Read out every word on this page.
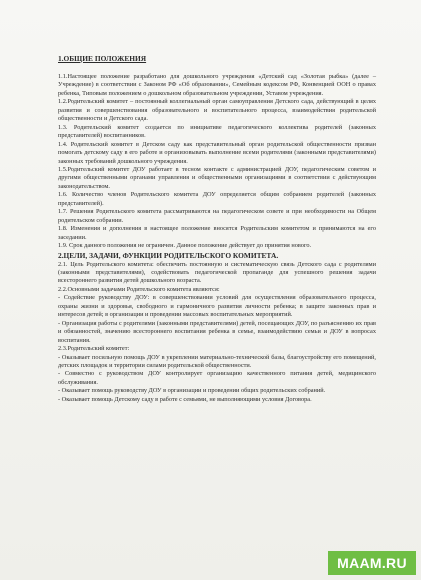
1.ОБЩИЕ ПОЛОЖЕНИЯ

1.1.Настоящее положение разработано для дошкольного учреждения «Детский сад «Золотая рыбка» (далее – Учреждение) в соответствии с Законом РФ «Об образовании», Семейным кодексом РФ, Конвенцией ООН о правах ребенка, Типовым положением о дошкольном образовательном учреждении, Уставом учреждения.

1.2.Родительский комитет – постоянный коллегиальный орган самоуправления Детского сада, действующий в целях развития и совершенствования образовательного и воспитательного процесса, взаимодействия родительской общественности и Детского сада.

1.3. Родительский комитет создается по инициативе педагогического коллектива родителей (законных представителей) воспитанников.

1.4. Родительский комитет в Детском саду как представительный орган родительской общественности призван помогать детскому саду в его работе и организовывать выполнение всеми родителями (законными представителями) законных требований дошкольного учреждения.

1.5.Родительский комитет ДОУ работает в тесном контакте с администрацией ДОУ, педагогическим советом и другими общественными органами управления и общественными организациями в соответствии с действующим законодательством.

1.6. Количество членов Родительского комитета ДОУ определяется общим собранием родителей (законных представителей).

1.7. Решения Родительского комитета рассматриваются на педагогическом совете и при необходимости на Общем родительском собрании.

1.8. Изменения и дополнения в настоящее положение вносятся Родительским комитетом и принимаются на его заседании.

1.9. Срок данного положения не ограничен. Данное положение действует до принятия нового.

2.ЦЕЛИ, ЗАДАЧИ, ФУНКЦИИ РОДИТЕЛЬСКОГО КОМИТЕТА.

2.1. Цель Родительского комитета: обеспечить постоянную и систематическую связь Детского сада с родителями (законными представителями), содействовать педагогической пропаганде для успешного решения задачи всестороннего развития детей дошкольного возраста.

2.2.Основными задачами Родительского комитета являются:

- Содействие руководству ДОУ: в совершенствовании условий для осуществления образовательного процесса, охраны жизни и здоровья, свободного и гармоничного развития личности ребенка; в защите законных прав и интересов детей; в организации и проведении массовых воспитательных мероприятий.

- Организация работы с родителями (законными представителями) детей, посещающих ДОУ, по разъяснению их прав и обязанностей, значению всестороннего воспитания ребенка в семье, взаимодействию семьи и ДОУ в вопросах воспитания.

2.3.Родительский комитет:

- Оказывает посильную помощь ДОУ в укреплении материально-технической базы, благоустройству его помещений, детских площадок и территории силами родительской общественности.

- Совместно с руководством ДОУ контролирует организацию качественного питания детей, медицинского обслуживания.

- Оказывает помощь руководству ДОУ в организации и проведении общих родительских собраний.

- Оказывает помощь Детскому саду в работе с семьями, не выполняющими условия Договора.

MAAM.RU
